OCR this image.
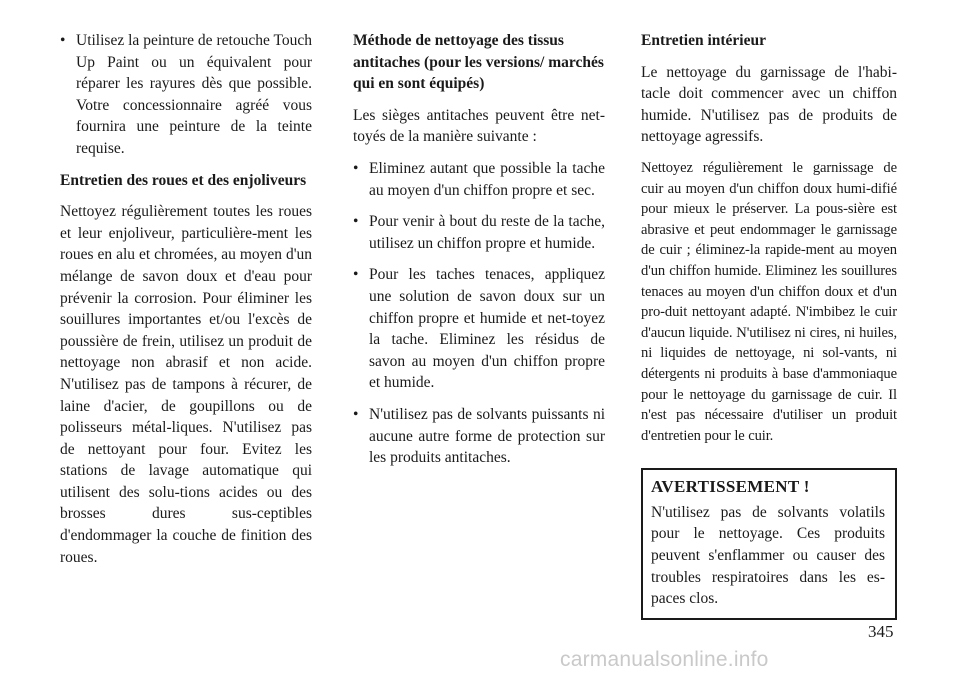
• Utilisez la peinture de retouche Touch Up Paint ou un équivalent pour réparer les rayures dès que possible. Votre concessionnaire agréé vous fournira une peinture de la teinte requise.

Entretien des roues et des enjoliveurs

Nettoyez régulièrement toutes les roues et leur enjoliveur, particulière-ment les roues en alu et chromées, au moyen d'un mélange de savon doux et d'eau pour prévenir la corrosion. Pour éliminer les souillures importantes et/ou l'excès de poussière de frein, utilisez un produit de nettoyage non abrasif et non acide. N'utilisez pas de tampons à récurer, de laine d'acier, de goupillons ou de polisseurs métal-liques. N'utilisez pas de nettoyant pour four. Evitez les stations de lavage automatique qui utilisent des solu-tions acides ou des brosses dures sus-ceptibles d'endommager la couche de finition des roues.

Méthode de nettoyage des tissus antitaches (pour les versions/ marchés qui en sont équipés)

Les sièges antitaches peuvent être net-toyés de la manière suivante :

• Eliminez autant que possible la tache au moyen d'un chiffon propre et sec.
• Pour venir à bout du reste de la tache, utilisez un chiffon propre et humide.
• Pour les taches tenaces, appliquez une solution de savon doux sur un chiffon propre et humide et net-toyez la tache. Eliminez les résidus de savon au moyen d'un chiffon propre et humide.
• N'utilisez pas de solvants puissants ni aucune autre forme de protection sur les produits antitaches.

Entretien intérieur

Le nettoyage du garnissage de l'habi-tacle doit commencer avec un chiffon humide. N'utilisez pas de produits de nettoyage agressifs.

Nettoyez régulièrement le garnissage de cuir au moyen d'un chiffon doux humi-difié pour mieux le préserver. La pous-sière est abrasive et peut endommager le garnissage de cuir ; éliminez-la rapide-ment au moyen d'un chiffon humide. Eliminez les souillures tenaces au moyen d'un chiffon doux et d'un pro-duit nettoyant adapté. N'imbibez le cuir d'aucun liquide. N'utilisez ni cires, ni huiles, ni liquides de nettoyage, ni sol-vants, ni détergents ni produits à base d'ammoniaque pour le nettoyage du garnissage de cuir. Il n'est pas nécessaire d'utiliser un produit d'entretien pour le cuir.

AVERTISSEMENT !

N'utilisez pas de solvants volatils pour le nettoyage. Ces produits peuvent s'enflammer ou causer des troubles respiratoires dans les es-paces clos.

345
carmanualsonline.info
